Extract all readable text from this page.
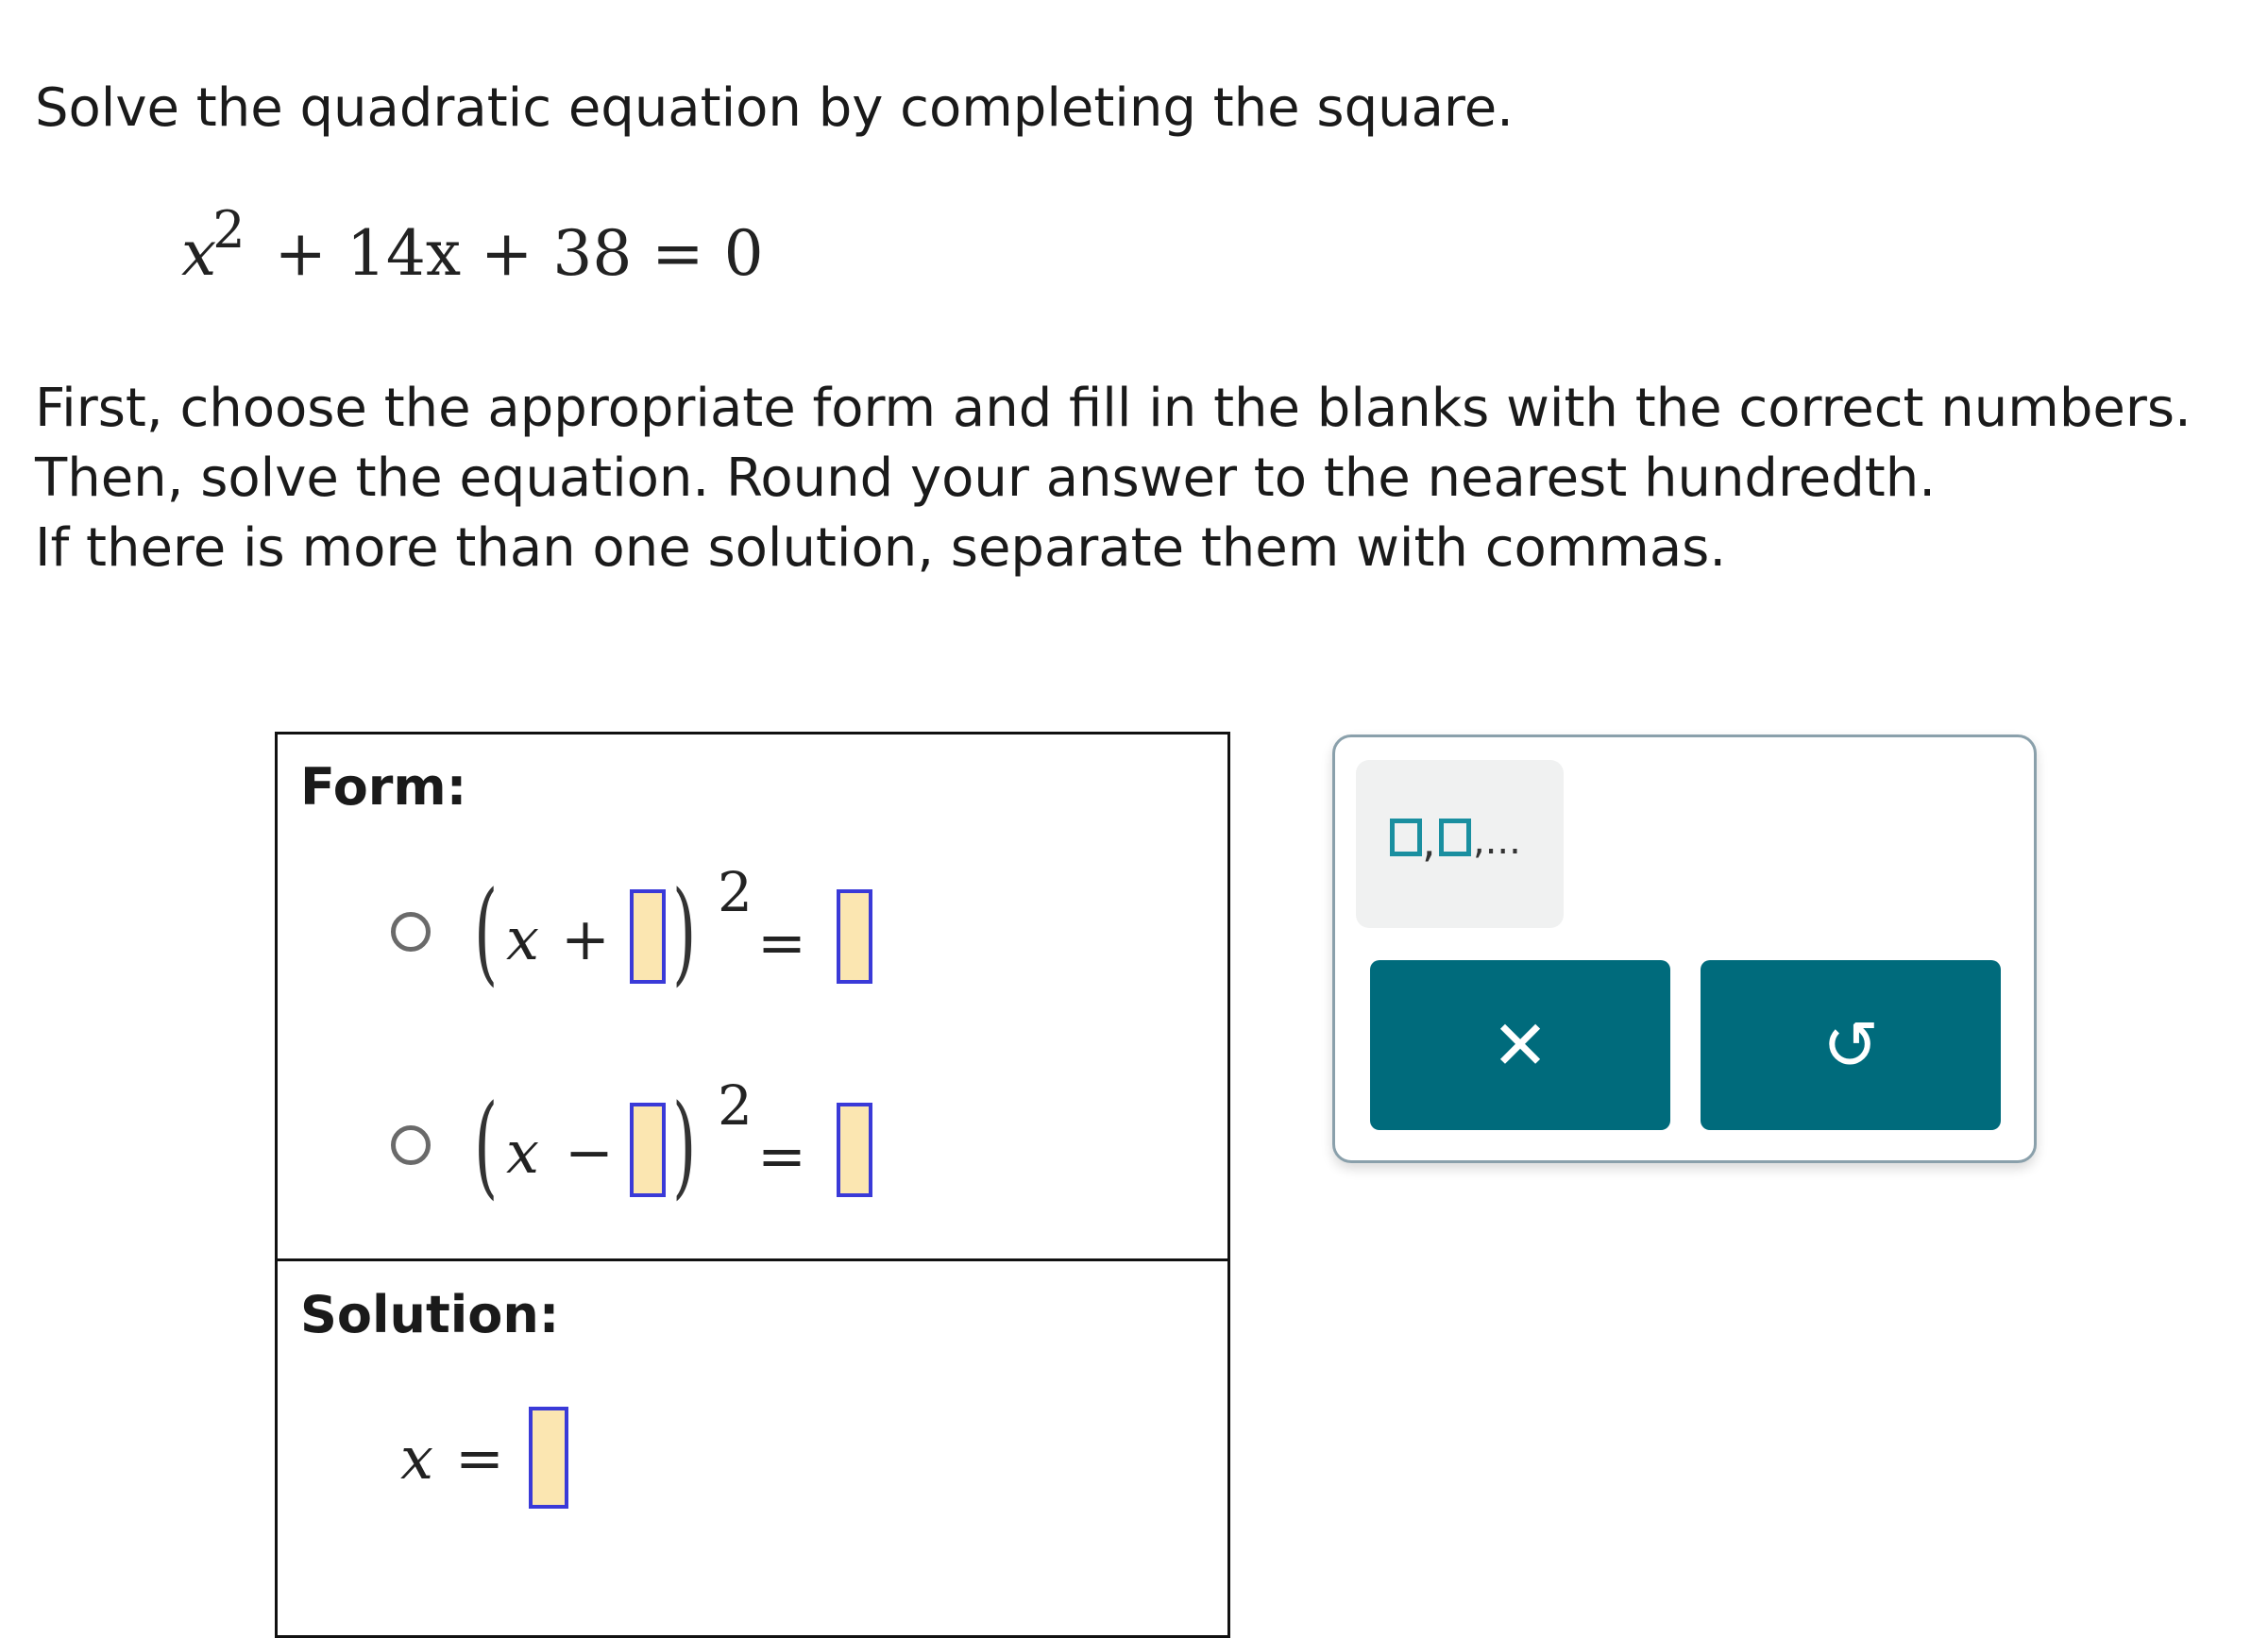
Solve the quadratic equation by completing the square.

$x^2 + 14x + 38 = 0$

First, choose the appropriate form and fill in the blanks with the correct numbers.

Then, solve the equation. Round your answer to the nearest hundredth.

If there is more than one solution, separate them with commas.

Form:
( x + ) 2
=
( x − ) 2
=
Solution:
x =
, ,...
✕	↺
